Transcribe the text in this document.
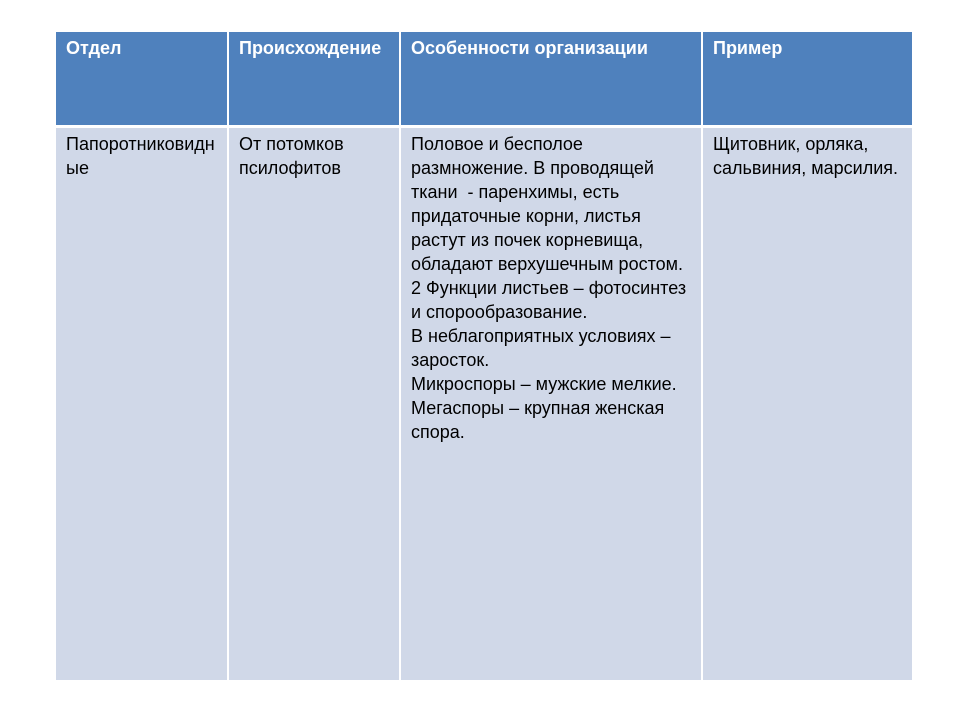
Отдел	Происхождение	Особенности организации	Пример
Папоротниковидные	От потомков псилофитов	Половое и бесполое размножение. В проводящей ткани  - паренхимы, есть придаточные корни, листья растут из почек корневища, обладают верхушечным ростом.  2 Функции листьев – фотосинтез и спорообразование.
В неблагоприятных условиях – заросток.
Микроспоры – мужские мелкие.
Мегаспоры – крупная женская спора.	Щитовник, орляка, сальвиния, марсилия.
